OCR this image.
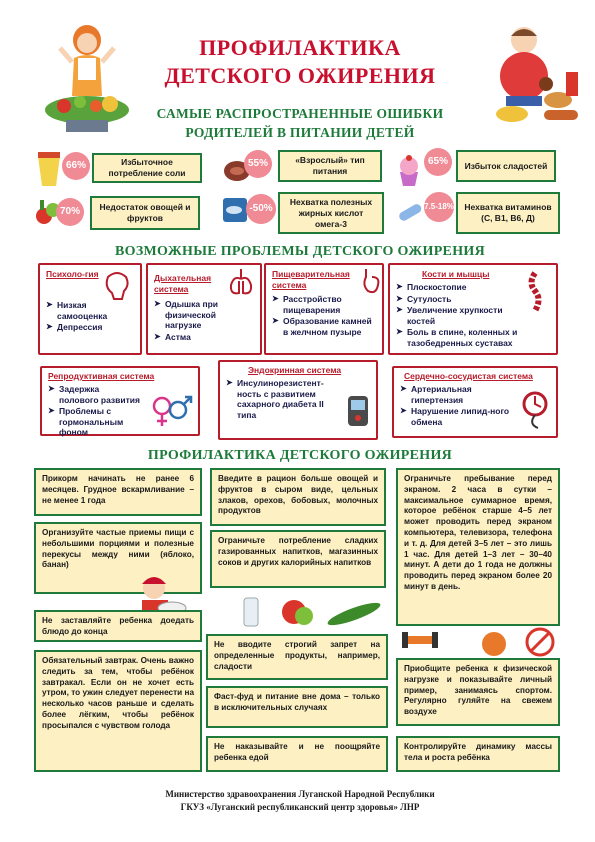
ПРОФИЛАКТИКА
ДЕТСКОГО ОЖИРЕНИЯ
САМЫЕ РАСПРОСТРАНЕННЫЕ ОШИБКИ
РОДИТЕЛЕЙ В ПИТАНИИ ДЕТЕЙ
66%	Избыточное потребление соли
55%	«Взрослый» тип питания
65%	Избыток сладостей
70%	Недостаток овощей и фруктов
-50%
Нехватка полезных жирных кислот омега-3
7.5-18%	Нехватка витаминов (С, В1, В6, Д)
ВОЗМОЖНЫЕ ПРОБЛЕМЫ ДЕТСКОГО ОЖИРЕНИЯ
Психоло-гия
➤ Низкая самооценка
➤ Депрессия
Дыхательная система
➤ Одышка при физической нагрузке
➤ Астма
Пищеварительная система
➤ Расстройство пищеварения
➤ Образование камней в желчном пузыре
Кости и мышцы
➤ Плоскостопие
➤ Сутулость
➤ Увеличение хрупкости костей
➤ Боль в спине, коленных и тазобедренных суставах
Репродуктивная система
➤ Задержка полового развития
➤ Проблемы с гормональным фоном
Эндокринная система
➤ Инсулинорезистент-ность с развитием сахарного диабета II типа
Сердечно-сосудистая система
➤ Артериальная гипертензия
➤ Нарушение липид-ного обмена
ПРОФИЛАКТИКА ДЕТСКОГО ОЖИРЕНИЯ
Прикорм начинать не ранее 6 месяцев. Грудное вскармливание – не менее 1 года
Организуйте частые приемы пищи с небольшими порциями и полезные перекусы между ними (яблоко, банан)
Не заставляйте ребенка доедать блюдо до конца
Обязательный завтрак. Очень важно следить за тем, чтобы ребёнок завтракал. Если он не хочет есть утром, то ужин следует перенести на несколько часов раньше и сделать более лёгким, чтобы ребёнок просыпался с чувством голода
Введите в рацион больше овощей и фруктов в сыром виде, цельных злаков, орехов, бобовых, молочных продуктов
Ограничьте потребление сладких газированных напитков, магазинных соков и других калорийных напитков
Не вводите строгий запрет на определенные продукты, например, сладости
Фаст-фуд и питание вне дома – только в исключительных случаях
Не наказывайте и не поощряйте ребенка едой
Ограничьте пребывание перед экраном. 2 часа в сутки – максимальное суммарное время, которое ребёнок старше 4–5 лет может проводить перед экраном компьютера, телевизора, телефона и т. д. Для детей 3–5 лет – это лишь 1 час. Для детей 1–3 лет – 30–40 минут. А дети до 1 года не должны проводить перед экраном более 20 минут в день.
Приобщите ребенка к физической нагрузке и показывайте личный пример, занимаясь спортом. Регулярно гуляйте на свежем воздухе
Контролируйте динамику массы тела и роста ребёнка
Министерство здравоохранения Луганской Народной Республики
ГКУЗ «Луганский республиканский центр здоровья» ЛНР
